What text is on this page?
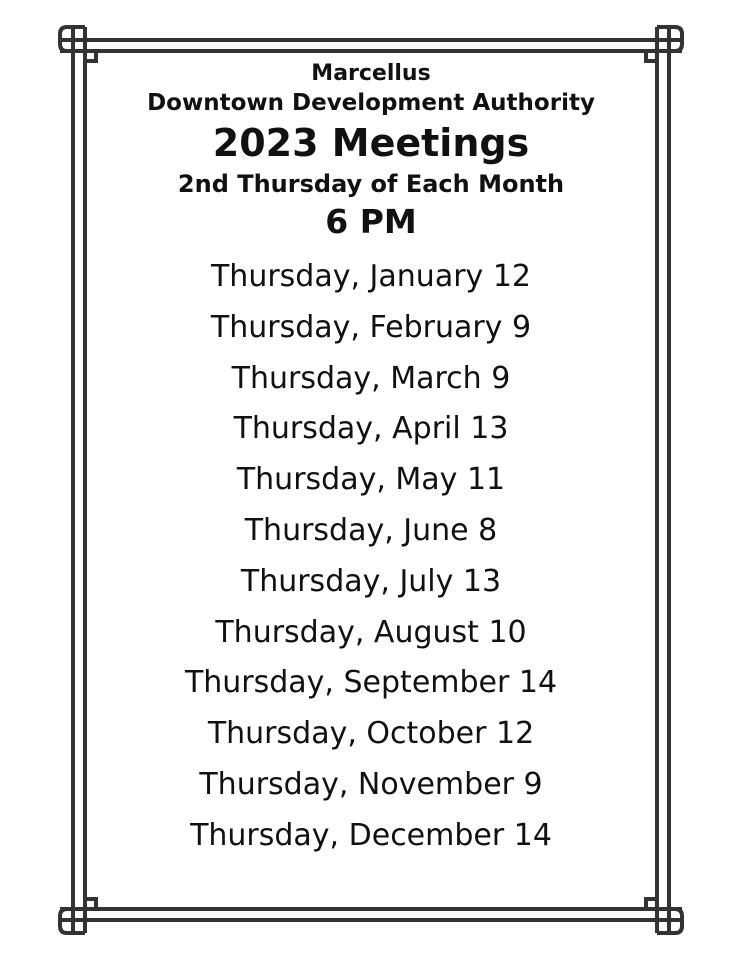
Marcellus
Downtown Development Authority
2023 Meetings
2nd Thursday of Each Month
6 PM
Thursday, January 12
Thursday, February 9
Thursday, March 9
Thursday, April 13
Thursday, May 11
Thursday, June 8
Thursday, July 13
Thursday, August 10
Thursday, September 14
Thursday, October 12
Thursday, November 9
Thursday, December 14
